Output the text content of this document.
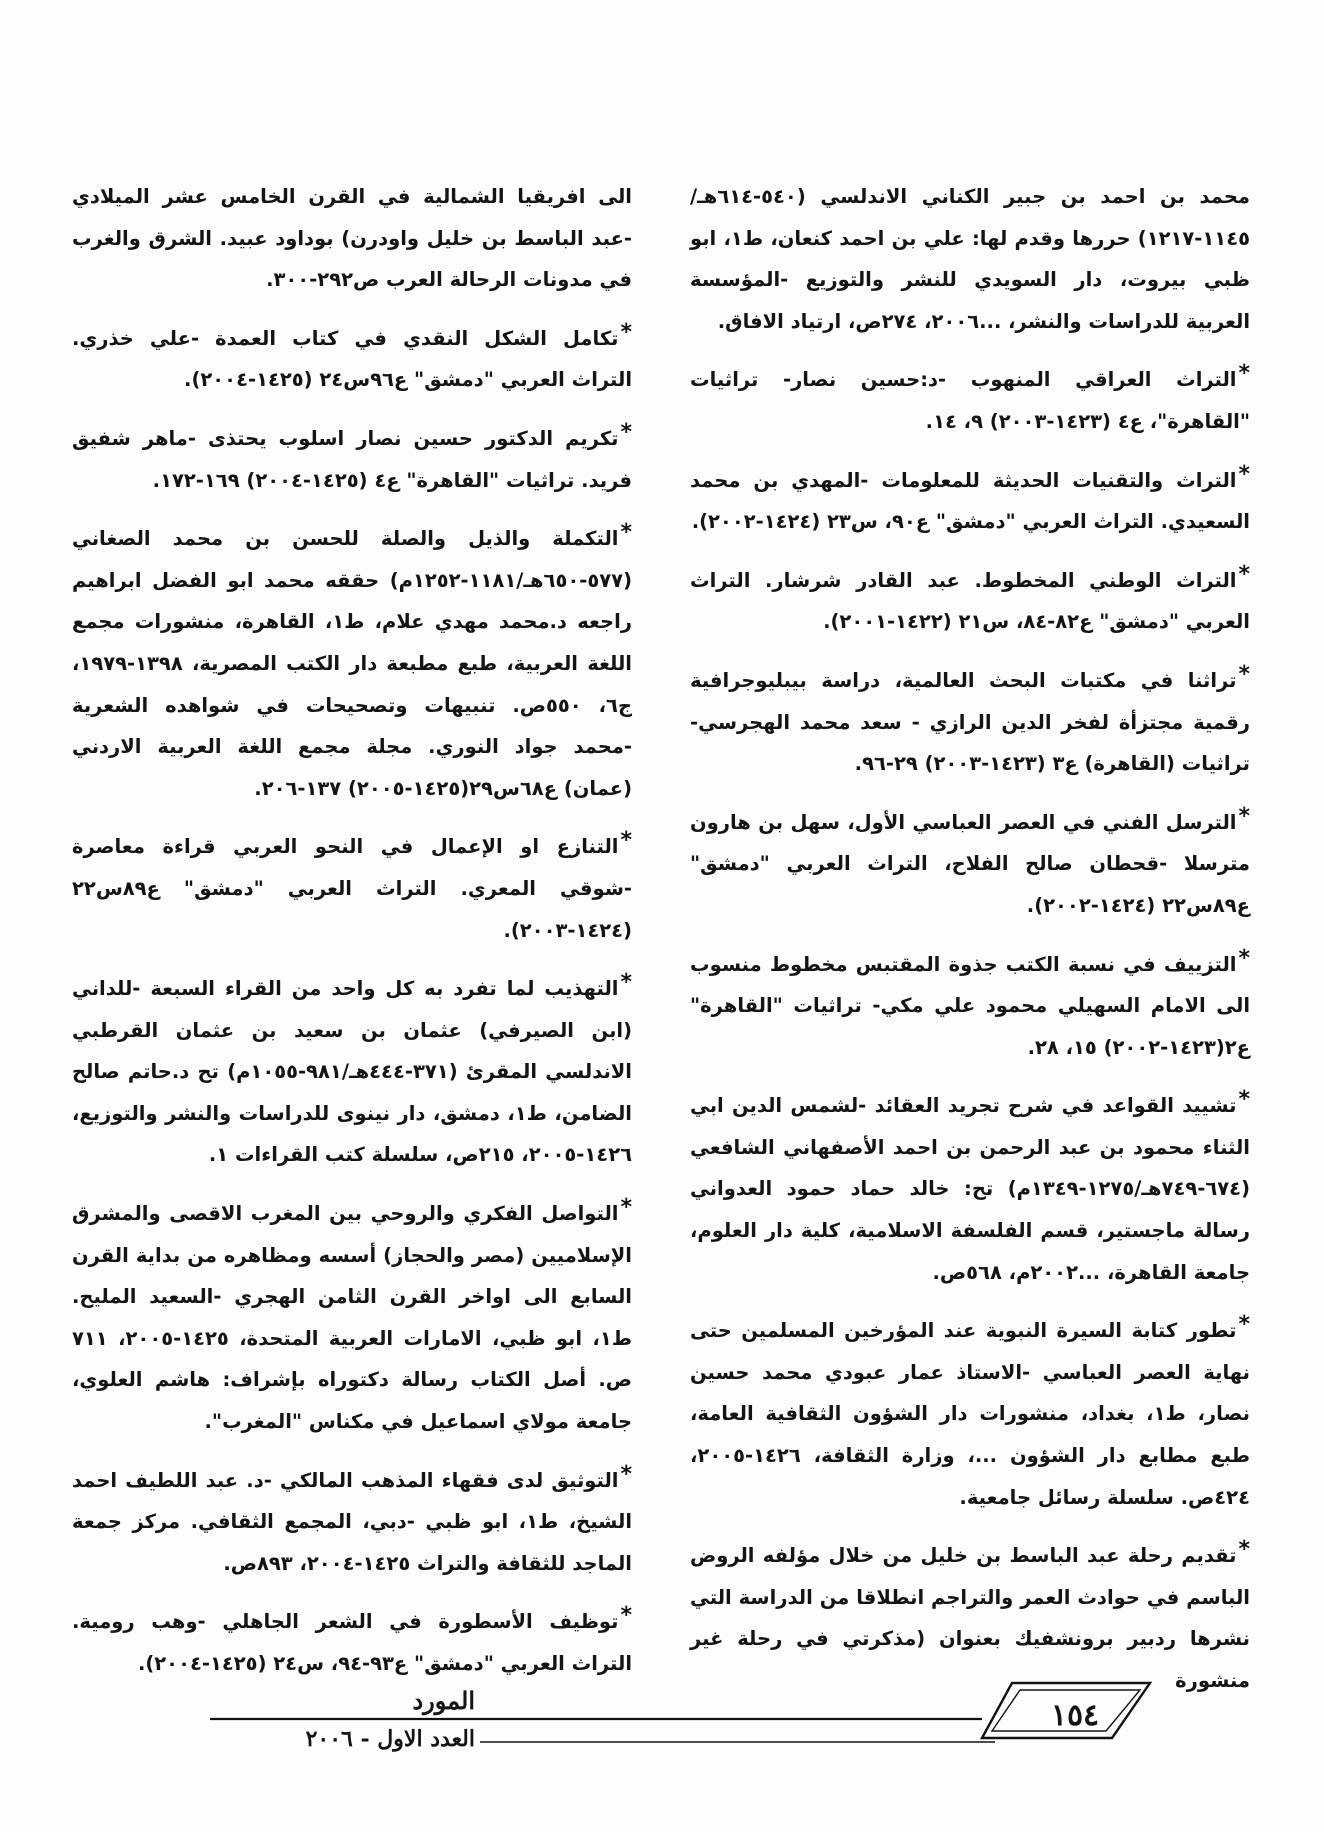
محمد بن احمد بن جبير الكناني الاندلسي (٥٤٠-٦١٤هـ/١١٤٥-١٢١٧) حررها وقدم لها: علي بن احمد كنعان، ط١، ابو ظبي بيروت، دار السويدي للنشر والتوزيع -المؤسسة العربية للدراسات والنشر، ...٢٠٠٦، ٢٧٤ص، ارتياد الافاق.
*التراث العراقي المنهوب -د:حسين نصار- تراثيات "القاهرة"، ع٤ (١٤٢٣-٢٠٠٣) ٩، ١٤.
*التراث والتقنيات الحديثة للمعلومات -المهدي بن محمد السعيدي. التراث العربي "دمشق" ع٩٠، س٢٣ (١٤٢٤-٢٠٠٢).
*التراث الوطني المخطوط. عبد القادر شرشار. التراث العربي "دمشق" ع٨٢-٨٤، س٢١ (١٤٢٢-٢٠٠١).
*تراثنا في مكتبات البحث العالمية، دراسة بيبليوجرافية رقمية مجتزأة لفخر الدين الرازي - سعد محمد الهجرسي- تراثيات (القاهرة) ع٣ (١٤٢٣-٢٠٠٣) ٢٩-٩٦.
*الترسل الفني في العصر العباسي الأول، سهل بن هارون مترسلا -قحطان صالح الفلاح، التراث العربي "دمشق" ع٨٩س٢٢ (١٤٢٤-٢٠٠٢).
*التزييف في نسبة الكتب جذوة المقتبس مخطوط منسوب الى الامام السهيلي محمود علي مكي- تراثيات "القاهرة" ع٢(١٤٢٣-٢٠٠٢) ١٥، ٢٨.
*تشييد القواعد في شرح تجريد العقائد -لشمس الدين ابي الثناء محمود بن عبد الرحمن بن احمد الأصفهاني الشافعي (٦٧٤-٧٤٩هـ/١٢٧٥-١٣٤٩م) تح: خالد حماد حمود العدواني رسالة ماجستير، قسم الفلسفة الاسلامية، كلية دار العلوم، جامعة القاهرة، ...٢٠٠٢م، ٥٦٨ص.
*تطور كتابة السيرة النبوية عند المؤرخين المسلمين حتى نهاية العصر العباسي -الاستاذ عمار عبودي محمد حسين نصار، ط١، بغداد، منشورات دار الشؤون الثقافية العامة، طبع مطابع دار الشؤون ...، وزارة الثقافة، ١٤٢٦-٢٠٠٥، ٤٢٤ص. سلسلة رسائل جامعية.
*تقديم رحلة عبد الباسط بن خليل من خلال مؤلفه الروض الباسم في حوادث العمر والتراجم انطلاقا من الدراسة التي نشرها ردبير برونشفيك بعنوان (مذكرتي في رحلة غير منشورة
الى افريقيا الشمالية في القرن الخامس عشر الميلادي -عبد الباسط بن خليل واودرن) بوداود عبيد. الشرق والغرب في مدونات الرحالة العرب ص٢٩٢-٣٠٠.
*تكامل الشكل النقدي في كتاب العمدة -علي خذري. التراث العربي "دمشق" ع٩٦س٢٤ (١٤٢٥-٢٠٠٤).
*تكريم الدكتور حسين نصار اسلوب يحتذى -ماهر شفيق فريد. تراثيات "القاهرة" ع٤ (١٤٢٥-٢٠٠٤) ١٦٩-١٧٢.
*التكملة والذيل والصلة للحسن بن محمد الصغاني (٥٧٧-٦٥٠هـ/١١٨١-١٢٥٢م) حققه محمد ابو الفضل ابراهيم راجعه د.محمد مهدي علام، ط١، القاهرة، منشورات مجمع اللغة العربية، طبع مطبعة دار الكتب المصرية، ١٣٩٨-١٩٧٩، ج٦، ٥٥٠ص. تنبيهات وتصحيحات في شواهده الشعرية -محمد جواد النوري. مجلة مجمع اللغة العربية الاردني (عمان) ع٦٨س٢٩(١٤٢٥-٢٠٠٥) ١٣٧-٢٠٦.
*التنازع او الإعمال في النحو العربي قراءة معاصرة -شوقي المعري. التراث العربي "دمشق" ع٨٩س٢٢ (١٤٢٤-٢٠٠٣).
*التهذيب لما تفرد به كل واحد من القراء السبعة -للداني (ابن الصيرفي) عثمان بن سعيد بن عثمان القرطبي الاندلسي المقرئ (٣٧١-٤٤٤هـ/٩٨١-١٠٥٥م) تح د.حاتم صالح الضامن، ط١، دمشق، دار نينوى للدراسات والنشر والتوزيع، ١٤٢٦-٢٠٠٥، ٢١٥ص، سلسلة كتب القراءات ١.
*التواصل الفكري والروحي بين المغرب الاقصى والمشرق الإسلاميين (مصر والحجاز) أسسه ومظاهره من بداية القرن السابع الى اواخر القرن الثامن الهجري -السعيد المليح. ط١، ابو ظبي، الامارات العربية المتحدة، ١٤٢٥-٢٠٠٥، ٧١١ ص. أصل الكتاب رسالة دكتوراه بإشراف: هاشم العلوي، جامعة مولاي اسماعيل في مكناس "المغرب".
*التوثيق لدى فقهاء المذهب المالكي -د. عبد اللطيف احمد الشيخ، ط١، ابو ظبي -دبي، المجمع الثقافي. مركز جمعة الماجد للثقافة والتراث ١٤٢٥-٢٠٠٤، ٨٩٣ص.
*توظيف الأسطورة في الشعر الجاهلي -وهب رومية. التراث العربي "دمشق" ع٩٣-٩٤، س٢٤ (١٤٢٥-٢٠٠٤).
١٥٤
المورد
العدد الاول - ٢٠٠٦
